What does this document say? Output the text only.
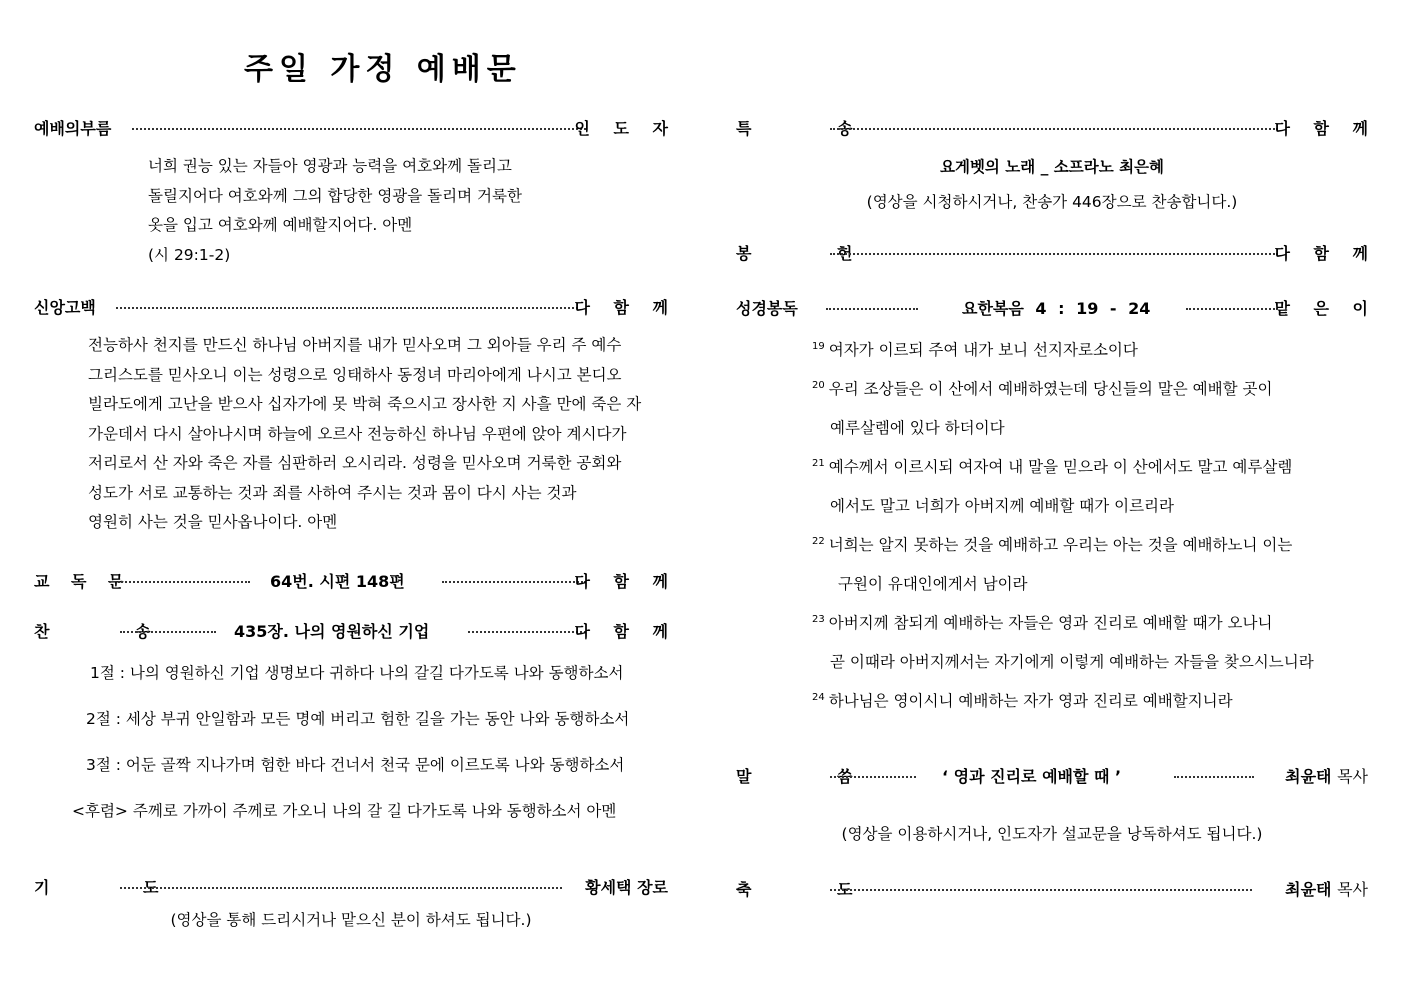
주일 가정 예배문
예배의부름	인 도 자
너희 권능 있는 자들아 영광과 능력을 여호와께 돌리고
돌릴지어다 여호와께 그의 합당한 영광을 돌리며 거룩한
옷을 입고 여호와께 예배할지어다. 아멘
(시 29:1-2)
신앙고백	다 함 께
전능하사 천지를 만드신 하나님 아버지를 내가 믿사오며 그 외아들 우리 주 예수
그리스도를 믿사오니 이는 성령으로 잉태하사 동정녀 마리아에게 나시고 본디오
빌라도에게 고난을 받으사 십자가에 못 박혀 죽으시고 장사한 지 사흘 만에 죽은 자
가운데서 다시 살아나시며 하늘에 오르사 전능하신 하나님 우편에 앉아 계시다가
저리로서 산 자와 죽은 자를 심판하러 오시리라. 성령을 믿사오며 거룩한 공회와
성도가 서로 교통하는 것과 죄를 사하여 주시는 것과 몸이 다시 사는 것과
영원히 사는 것을 믿사옵나이다. 아멘
교 독 문	64번. 시편 148편	다 함 께
찬 송	435장. 나의 영원하신 기업	다 함 께
1절 : 나의 영원하신 기업 생명보다 귀하다 나의 갈길 다가도록 나와 동행하소서
2절 : 세상 부귀 안일함과 모든 명예 버리고 험한 길을 가는 동안 나와 동행하소서
3절 : 어둔 골짝 지나가며 험한 바다 건너서 천국 문에 이르도록 나와 동행하소서
<후렴> 주께로 가까이 주께로 가오니 나의 갈 길 다가도록 나와 동행하소서 아멘
기 도	황세택 장로
(영상을 통해 드리시거나 맡으신 분이 하셔도 됩니다.)
특 송	다 함 께
요게벳의 노래 _ 소프라노 최은혜
(영상을 시청하시거나, 찬송가 446장으로 찬송합니다.)
봉 헌	다 함 께
성경봉독	요한복음 4 : 19 - 24	맡 은 이
$^{19}$ 여자가 이르되 주여 내가 보니 선지자로소이다
$^{20}$ 우리 조상들은 이 산에서 예배하였는데 당신들의 말은 예배할 곳이
예루살렘에 있다 하더이다
$^{21}$ 예수께서 이르시되 여자여 내 말을 믿으라 이 산에서도 말고 예루살렘
에서도 말고 너희가 아버지께 예배할 때가 이르리라
$^{22}$ 너희는 알지 못하는 것을 예배하고 우리는 아는 것을 예배하노니 이는
구원이 유대인에게서 남이라
$^{23}$ 아버지께 참되게 예배하는 자들은 영과 진리로 예배할 때가 오나니
곧 이때라 아버지께서는 자기에게 이렇게 예배하는 자들을 찾으시느니라
$^{24}$ 하나님은 영이시니 예배하는 자가 영과 진리로 예배할지니라
말 씀	‘ 영과 진리로 예배할 때 ’	최윤태 목사
(영상을 이용하시거나, 인도자가 설교문을 낭독하셔도 됩니다.)
축 도	최윤태 목사
